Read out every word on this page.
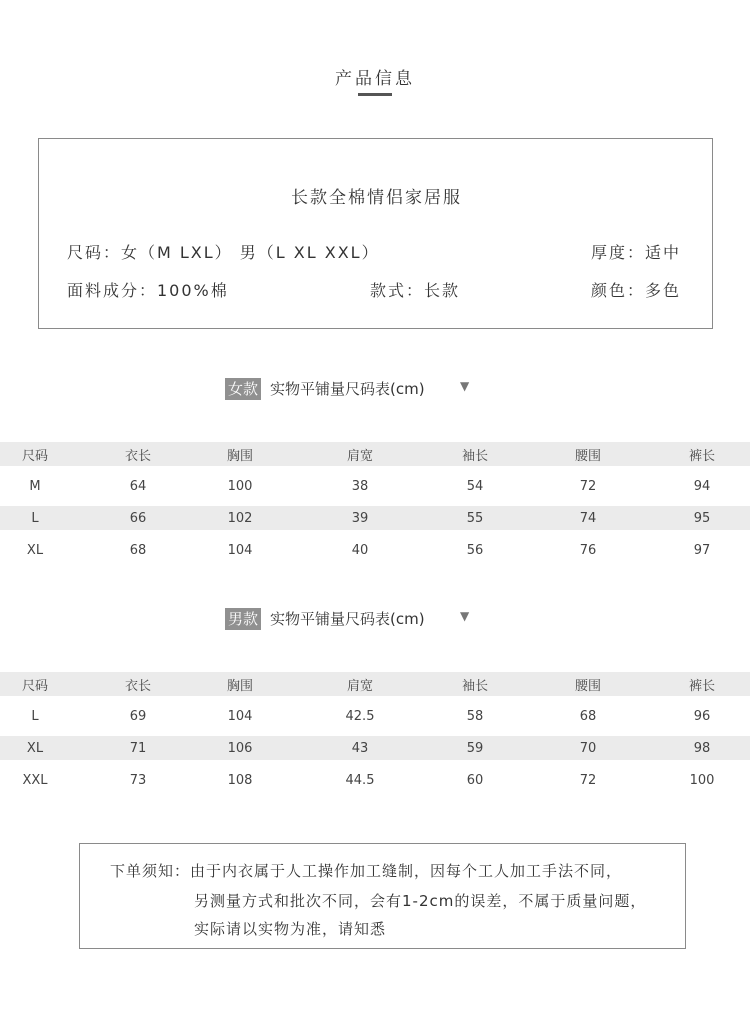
产品信息
长款全棉情侣家居服
尺码：女（M LXL） 男（L XL XXL）	厚度：适中
面料成分：100%棉	款式：长款	颜色：多色
女款 实物平铺量尺码表(cm)	▼
尺码	衣长	胸围	肩宽	袖长	腰围	裤长
M	64	100	38	54	72	94
L	66	102	39	55	74	95
XL	68	104	40	56	76	97
男款 实物平铺量尺码表(cm)	▼
尺码	衣长	胸围	肩宽	袖长	腰围	裤长
L	69	104	42.5	58	68	96
XL	71	106	43	59	70	98
XXL	73	108	44.5	60	72	100
下单须知：由于内衣属于人工操作加工缝制，因每个工人加工手法不同，
另测量方式和批次不同，会有1-2cm的误差，不属于质量问题，
实际请以实物为准，请知悉
